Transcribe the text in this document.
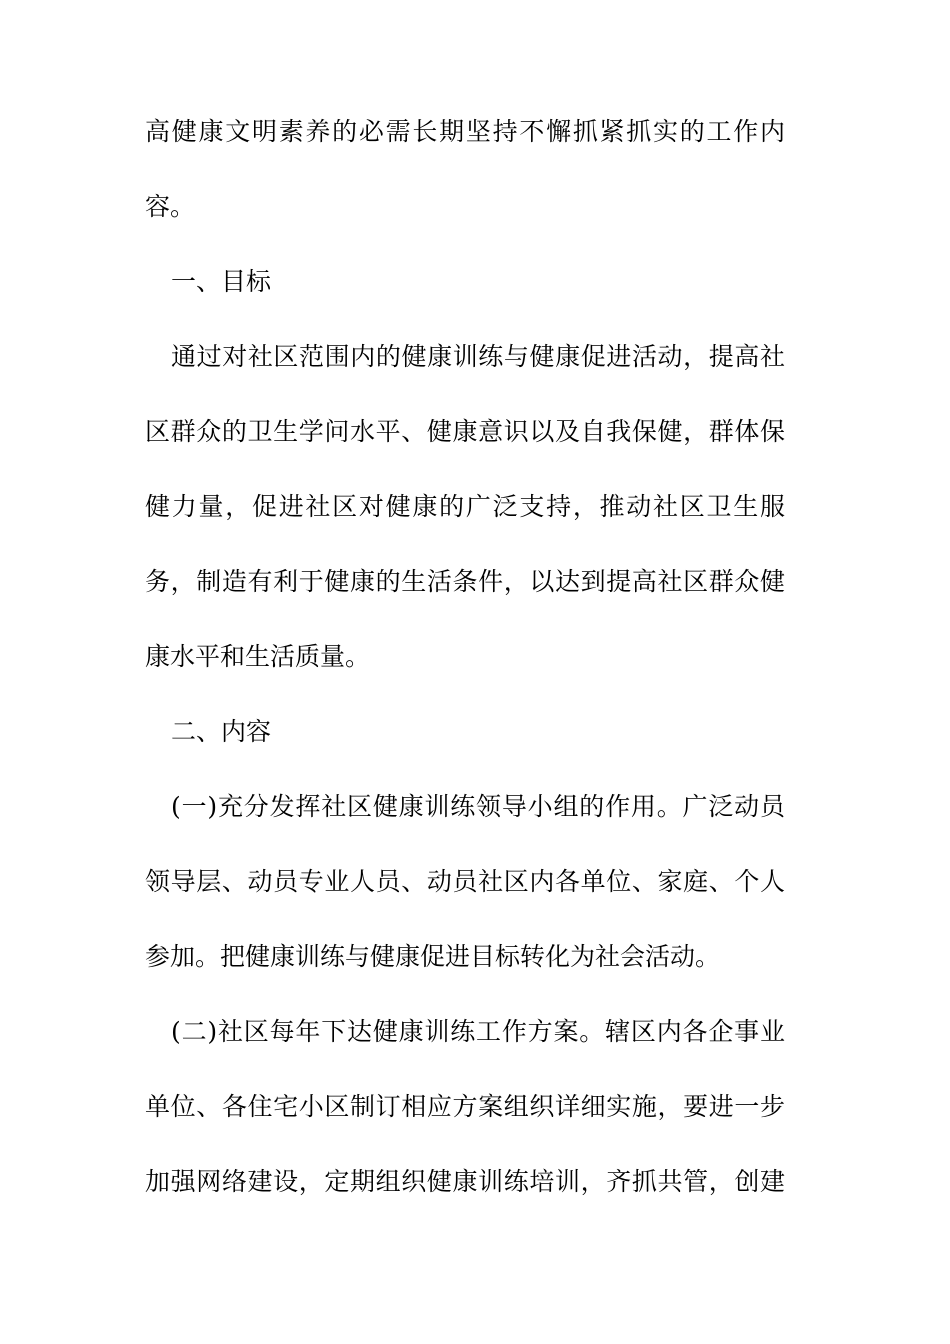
高健康文明素养的必需长期坚持不懈抓紧抓实的工作内
容。
一、目标
通过对社区范围内的健康训练与健康促进活动，提高社
区群众的卫生学问水平、健康意识以及自我保健，群体保
健力量，促进社区对健康的广泛支持，推动社区卫生服
务，制造有利于健康的生活条件，以达到提高社区群众健
康水平和生活质量。
二、内容
(一)充分发挥社区健康训练领导小组的作用。广泛动员
领导层、动员专业人员、动员社区内各单位、家庭、个人
参加。把健康训练与健康促进目标转化为社会活动。
(二)社区每年下达健康训练工作方案。辖区内各企事业
单位、各住宅小区制订相应方案组织详细实施，要进一步
加强网络建设，定期组织健康训练培训，齐抓共管，创建
